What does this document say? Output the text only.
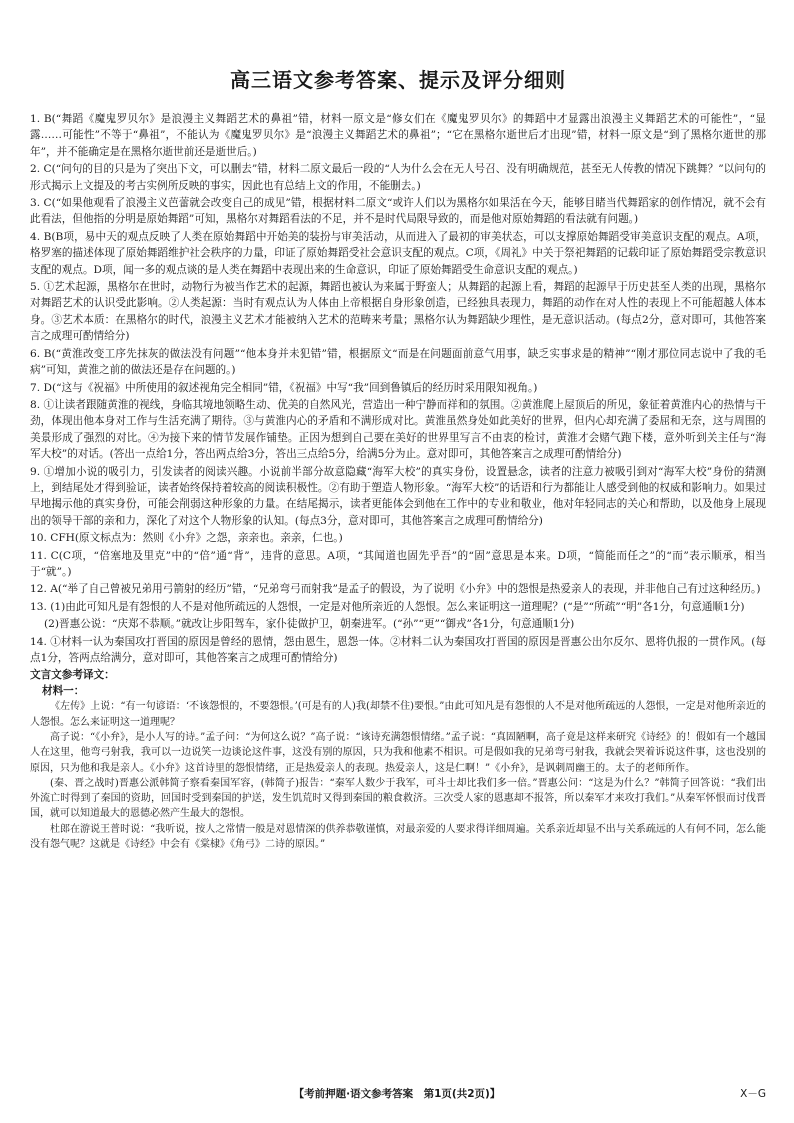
高三语文参考答案、提示及评分细则

1. B(“舞蹈《魔鬼罗贝尔》是浪漫主义舞蹈艺术的鼻祖”错，材料一原文是“修女们在《魔鬼罗贝尔》的舞蹈中才显露出浪漫主义舞蹈艺术的可能性”，“显露……可能性”不等于“鼻祖”，不能认为《魔鬼罗贝尔》是“浪漫主义舞蹈艺术的鼻祖”；“它在黑格尔逝世后才出现”错，材料一原文是“到了黑格尔逝世的那年”，并不能确定是在黑格尔逝世前还是逝世后。)

2. C(“问句的目的只是为了突出下文，可以删去”错，材料二原文最后一段的“人为什么会在无人号召、没有明确规范，甚至无人传教的情况下跳舞？”以问句的形式揭示上文提及的考古实例所反映的事实，因此也有总结上文的作用，不能删去。)

3. C(“如果他观看了浪漫主义芭蕾就会改变自己的成见”错，根据材料二原文“或许人们以为黑格尔如果活在今天，能够目睹当代舞蹈家的创作情况，就不会有此看法，但他指的分明是原始舞蹈”可知，黑格尔对舞蹈看法的不足，并不是时代局限导致的，而是他对原始舞蹈的看法就有问题。)

4. B(B项，易中天的观点反映了人类在原始舞蹈中开始美的装扮与审美活动，从而进入了最初的审美状态，可以支撑原始舞蹈受审美意识支配的观点。A项，格罗塞的描述体现了原始舞蹈维护社会秩序的力量，印证了原始舞蹈受社会意识支配的观点。C项，《周礼》中关于祭祀舞蹈的记载印证了原始舞蹈受宗教意识支配的观点。D项，闻一多的观点谈的是人类在舞蹈中表现出来的生命意识，印证了原始舞蹈受生命意识支配的观点。)

5. ①艺术起源，黑格尔在世时，动物行为被当作艺术的起源，舞蹈也被认为来属于野蛮人；从舞蹈的起源上看，舞蹈的起源早于历史甚至人类的出现，黑格尔对舞蹈艺术的认识受此影响。②人类起源：当时有观点认为人体由上帝根据自身形象创造，已经独具表现力，舞蹈的动作在对人性的表现上不可能超越人体本身。③艺术本质：在黑格尔的时代，浪漫主义艺术才能被纳入艺术的范畴来考量；黑格尔认为舞蹈缺少理性，是无意识活动。(每点2分，意对即可，其他答案言之成理可酌情给分)

6. B(“黄淮改变工序先抹灰的做法没有问题”“他本身并未犯错”错，根据原文“而是在问题面前意气用事，缺乏实事求是的精神”“刚才那位同志说中了我的毛病”可知，黄淮之前的做法还是存在问题的。)

7. D(“这与《祝福》中所使用的叙述视角完全相同”错，《祝福》中写“我”回到鲁镇后的经历时采用限知视角。)

8. ①让读者跟随黄淮的视线，身临其境地领略生动、优美的自然风光，营造出一种宁静而祥和的氛围。②黄淮爬上屋顶后的所见，象征着黄淮内心的热情与干劲，体现出他本身对工作与生活充满了期待。③与黄淮内心的矛盾和不满形成对比。黄淮虽然身处如此美好的世界，但内心却充满了委屈和无奈，这与周围的美景形成了强烈的对比。④为接下来的情节发展作铺垫。正因为想到自己要在美好的世界里写言不由衷的检讨，黄淮才会赌气跑下楼，意外听到关主任与“海军大校”的对话。(答出一点给1分，答出两点给3分，答出三点给5分，给满5分为止。意对即可，其他答案言之成理可酌情给分)

9. ①增加小说的吸引力，引发读者的阅读兴趣。小说前半部分故意隐藏“海军大校”的真实身份，设置悬念，读者的注意力被吸引到对“海军大校”身份的猜测上，到结尾处才得到验证，读者始终保持着较高的阅读积极性。②有助于塑造人物形象。“海军大校”的话语和行为都能让人感受到他的权威和影响力。如果过早地揭示他的真实身份，可能会削弱这种形象的力量。在结尾揭示，读者更能体会到他在工作中的专业和敬业，他对年轻同志的关心和帮助，以及他身上展现出的领导干部的亲和力，深化了对这个人物形象的认知。(每点3分，意对即可，其他答案言之成理可酌情给分)

10. CFH(原文标点为：然则《小弁》之怨，亲亲也。亲亲，仁也。)

11. C(C项，“倍塞地及里克”中的“倍”通“背”，违背的意思。A项，“其闻道也固先乎吾”的“固”意思是本来。D项，“简能而任之”的“而”表示顺承，相当于“就”。)

12. A(“举了自己曾被兄弟用弓箭射的经历”错，“兄弟弯弓而射我”是孟子的假设，为了说明《小弁》中的怨恨是热爱亲人的表现，并非他自己有过这种经历。)

13. (1)由此可知凡是有怨恨的人不是对他所疏远的人怨恨，一定是对他所亲近的人怨恨。怎么来证明这一道理呢？(“是”“所疏”“明”各1分，句意通顺1分)

(2)晋惠公说：“庆郑不恭顺。”就改让步阳驾车，家仆徒做护卫，朝秦进军。(“孙”“更”“御戎”各1分，句意通顺1分)

14. ①材料一认为秦国攻打晋国的原因是曾经的恩情，怨由恩生，恩怨一体。②材料二认为秦国攻打晋国的原因是晋惠公出尔反尔、恩将仇报的一贯作风。(每点1分，答两点给满分，意对即可，其他答案言之成理可酌情给分)

文言文参考译文：
材料一：

《左传》上说：“有一句谚语：‘不该怨恨的，不要怨恨。’(可是有的人)我(却禁不住)要恨。”由此可知凡是有怨恨的人不是对他所疏远的人怨恨，一定是对他所亲近的人怨恨。怎么来证明这一道理呢？

高子说：“《小弁》，是小人写的诗。”孟子问：“为何这么说？”高子说：“该诗充满怨恨情绪。”孟子说：“真固陋啊，高子竟是这样来研究《诗经》的！假如有一个越国人在这里，他弯弓射我，我可以一边说笑一边谈论这件事，这没有别的原因，只为我和他素不相识。可是假如我的兄弟弯弓射我，我就会哭着诉说这件事，这也没别的原因，只为他和我是亲人。《小弁》这首诗里的怨恨情绪，正是热爱亲人的表现。热爱亲人，这是仁啊！”《小弁》，是讽刺周幽王的。太子的老师所作。

(秦、晋之战时)晋惠公派韩简子察看秦国军容，(韩简子)报告：“秦军人数少于我军，可斗士却比我们多一倍。”晋惠公问：“这是为什么？”韩简子回答说：“我们出外流亡时得到了秦国的资助，回国时受到秦国的护送，发生饥荒时又得到秦国的粮食救济。三次受人家的恩惠却不报答，所以秦军才来攻打我们。”从秦军怀恨而讨伐晋国，就可以知道最大的恩德必然产生最大的怨恨。

杜郎在游说王普时说：“我听说，按人之常情一般是对恩情深的供养恭敬谨慎，对最亲爱的人要求得详细周遍。关系亲近却显不出与关系疏远的人有何不同，怎么能没有怨气呢？这就是《诗经》中会有《棠棣》《角弓》二诗的原因。”

【考前押题·语文参考答案　第1页(共2页)】	X－G
